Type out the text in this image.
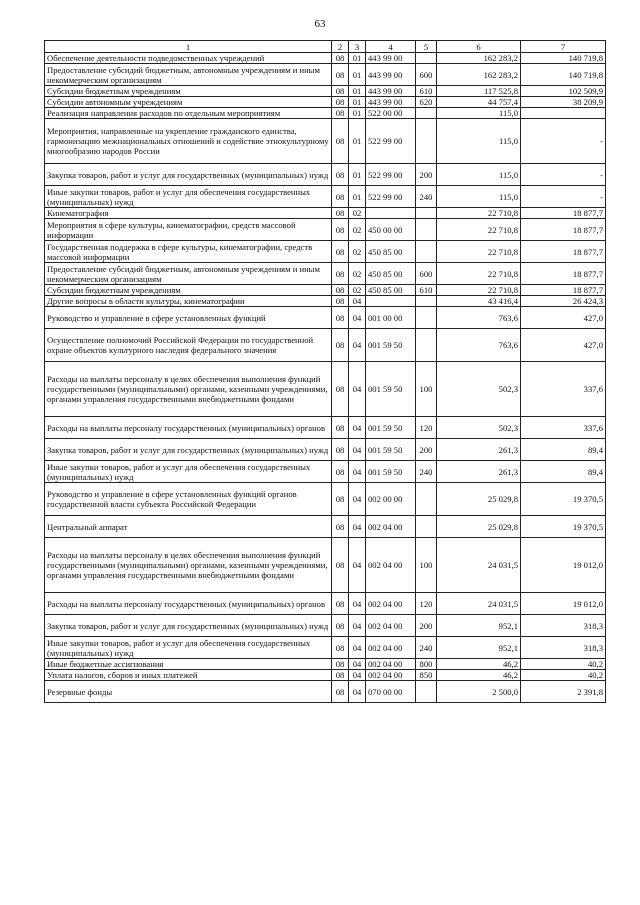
63
1	2	3	4	5	6	7
Обеспечение деятельности подведомственных учреждений	08	01	443 99 00		162 283,2	140 719,8
Предоставление субсидий бюджетным, автономным учреждениям и иным некоммерческим организациям	08	01	443 99 00	600	162 283,2	140 719,8
Субсидии бюджетным учреждениям	08	01	443 99 00	610	117 525,8	102 509,9
Субсидии автономным учреждениям	08	01	443 99 00	620	44 757,4	38 209,9
Реализация направления расходов по отдельным мероприятиям	08	01	522 00 00		115,0	
Мероприятия, направленные на укрепление гражданского единства, гармонизацию межнациональных отношений и содействие этнокультурному многообразию народов России	08	01	522 99 00		115,0	-
Закупка товаров, работ и услуг для государственных (муниципальных) нужд	08	01	522 99 00	200	115,0	-
Иные закупки товаров, работ и услуг для обеспечения государственных (муниципальных) нужд	08	01	522 99 00	240	115,0	-
Кинематография	08	02			22 710,8	18 877,7
Мероприятия в сфере культуры, кинематографии, средств массовой информации	08	02	450 00 00		22 710,8	18 877,7
Государственная поддержка в сфере культуры, кинематографии, средств массовой информации	08	02	450 85 00		22 710,8	18 877,7
Предоставление субсидий бюджетным, автономным учреждениям и иным некоммерческим организациям	08	02	450 85 00	600	22 710,8	18 877,7
Субсидии бюджетным учреждениям	08	02	450 85 00	610	22 710,8	18 877,7
Другие вопросы в области культуры, кинематографии	08	04			43 416,4	26 424,3
Руководство и управление в сфере установленных функций	08	04	001 00 00		763,6	427,0
Осуществление полномочий Российской Федерации по государственной охране объектов культурного наследия федерального значения	08	04	001 59 50		763,6	427,0
Расходы на выплаты персоналу в целях обеспечения выполнения функций государственными (муниципальными) органами, казенными учреждениями, органами управления государственными внебюджетными фондами	08	04	001 59 50	100	502,3	337,6
Расходы на выплаты персоналу государственных (муниципальных) органов	08	04	001 59 50	120	502,3	337,6
Закупка товаров, работ и услуг для государственных (муниципальных) нужд	08	04	001 59 50	200	261,3	89,4
Иные закупки товаров, работ и услуг для обеспечения государственных (муниципальных) нужд	08	04	001 59 50	240	261,3	89,4
Руководство и управление в сфере установленных функций органов государственной власти субъекта Российской Федерации	08	04	002 00 00		25 029,8	19 370,5
Центральный аппарат	08	04	002 04 00		25 029,8	19 370,5
Расходы на выплаты персоналу в целях обеспечения выполнения функций государственными (муниципальными) органами, казенными учреждениями, органами управления государственными внебюджетными фондами	08	04	002 04 00	100	24 031,5	19 012,0
Расходы на выплаты персоналу государственных (муниципальных) органов	08	04	002 04 00	120	24 031,5	19 012,0
Закупка товаров, работ и услуг для государственных (муниципальных) нужд	08	04	002 04 00	200	952,1	318,3
Иные закупки товаров, работ и услуг для обеспечения государственных (муниципальных) нужд	08	04	002 04 00	240	952,1	318,3
Иные бюджетные ассигнования	08	04	002 04 00	800	46,2	40,2
Уплата налогов, сборов и иных платежей	08	04	002 04 00	850	46,2	40,2
Резервные фонды	08	04	070 00 00		2 500,0	2 391,8
